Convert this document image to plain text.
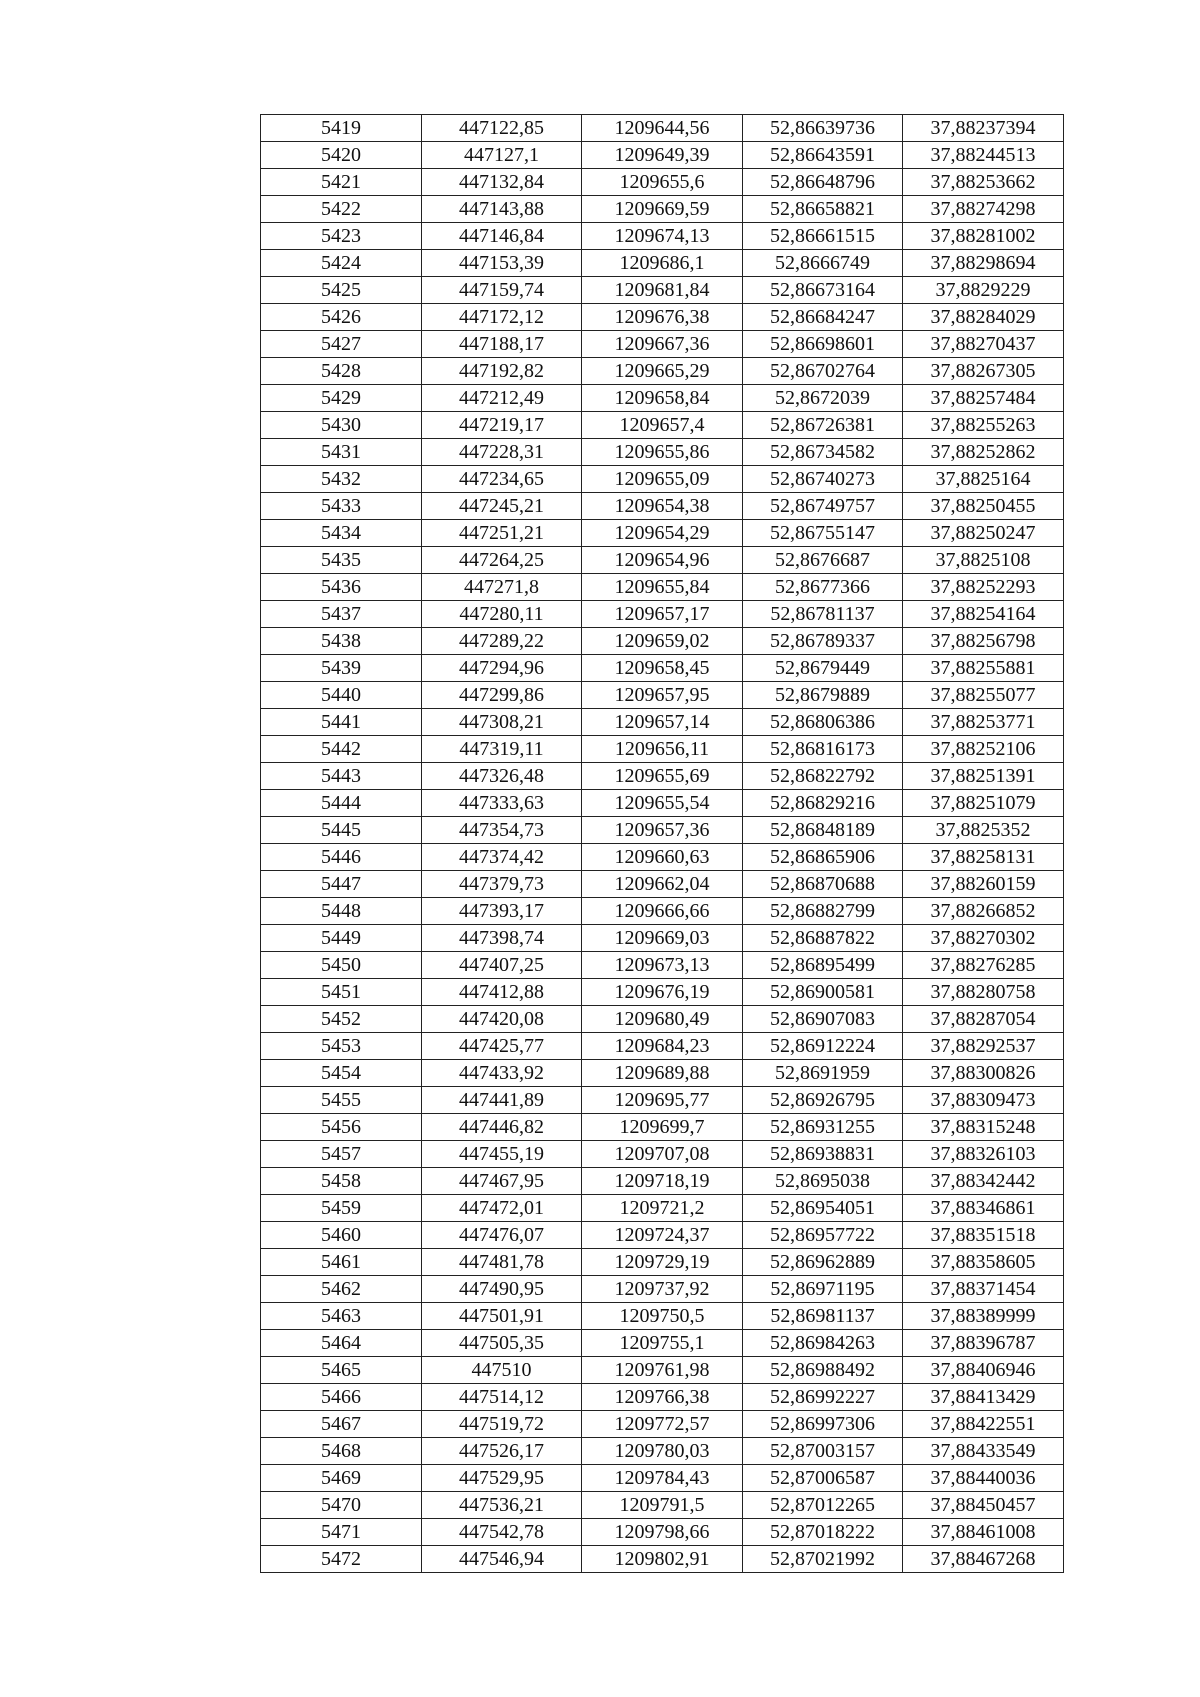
5419	447122,85	1209644,56	52,86639736	37,88237394
5420	447127,1	1209649,39	52,86643591	37,88244513
5421	447132,84	1209655,6	52,86648796	37,88253662
5422	447143,88	1209669,59	52,86658821	37,88274298
5423	447146,84	1209674,13	52,86661515	37,88281002
5424	447153,39	1209686,1	52,8666749	37,88298694
5425	447159,74	1209681,84	52,86673164	37,8829229
5426	447172,12	1209676,38	52,86684247	37,88284029
5427	447188,17	1209667,36	52,86698601	37,88270437
5428	447192,82	1209665,29	52,86702764	37,88267305
5429	447212,49	1209658,84	52,8672039	37,88257484
5430	447219,17	1209657,4	52,86726381	37,88255263
5431	447228,31	1209655,86	52,86734582	37,88252862
5432	447234,65	1209655,09	52,86740273	37,8825164
5433	447245,21	1209654,38	52,86749757	37,88250455
5434	447251,21	1209654,29	52,86755147	37,88250247
5435	447264,25	1209654,96	52,8676687	37,8825108
5436	447271,8	1209655,84	52,8677366	37,88252293
5437	447280,11	1209657,17	52,86781137	37,88254164
5438	447289,22	1209659,02	52,86789337	37,88256798
5439	447294,96	1209658,45	52,8679449	37,88255881
5440	447299,86	1209657,95	52,8679889	37,88255077
5441	447308,21	1209657,14	52,86806386	37,88253771
5442	447319,11	1209656,11	52,86816173	37,88252106
5443	447326,48	1209655,69	52,86822792	37,88251391
5444	447333,63	1209655,54	52,86829216	37,88251079
5445	447354,73	1209657,36	52,86848189	37,8825352
5446	447374,42	1209660,63	52,86865906	37,88258131
5447	447379,73	1209662,04	52,86870688	37,88260159
5448	447393,17	1209666,66	52,86882799	37,88266852
5449	447398,74	1209669,03	52,86887822	37,88270302
5450	447407,25	1209673,13	52,86895499	37,88276285
5451	447412,88	1209676,19	52,86900581	37,88280758
5452	447420,08	1209680,49	52,86907083	37,88287054
5453	447425,77	1209684,23	52,86912224	37,88292537
5454	447433,92	1209689,88	52,8691959	37,88300826
5455	447441,89	1209695,77	52,86926795	37,88309473
5456	447446,82	1209699,7	52,86931255	37,88315248
5457	447455,19	1209707,08	52,86938831	37,88326103
5458	447467,95	1209718,19	52,8695038	37,88342442
5459	447472,01	1209721,2	52,86954051	37,88346861
5460	447476,07	1209724,37	52,86957722	37,88351518
5461	447481,78	1209729,19	52,86962889	37,88358605
5462	447490,95	1209737,92	52,86971195	37,88371454
5463	447501,91	1209750,5	52,86981137	37,88389999
5464	447505,35	1209755,1	52,86984263	37,88396787
5465	447510	1209761,98	52,86988492	37,88406946
5466	447514,12	1209766,38	52,86992227	37,88413429
5467	447519,72	1209772,57	52,86997306	37,88422551
5468	447526,17	1209780,03	52,87003157	37,88433549
5469	447529,95	1209784,43	52,87006587	37,88440036
5470	447536,21	1209791,5	52,87012265	37,88450457
5471	447542,78	1209798,66	52,87018222	37,88461008
5472	447546,94	1209802,91	52,87021992	37,88467268
